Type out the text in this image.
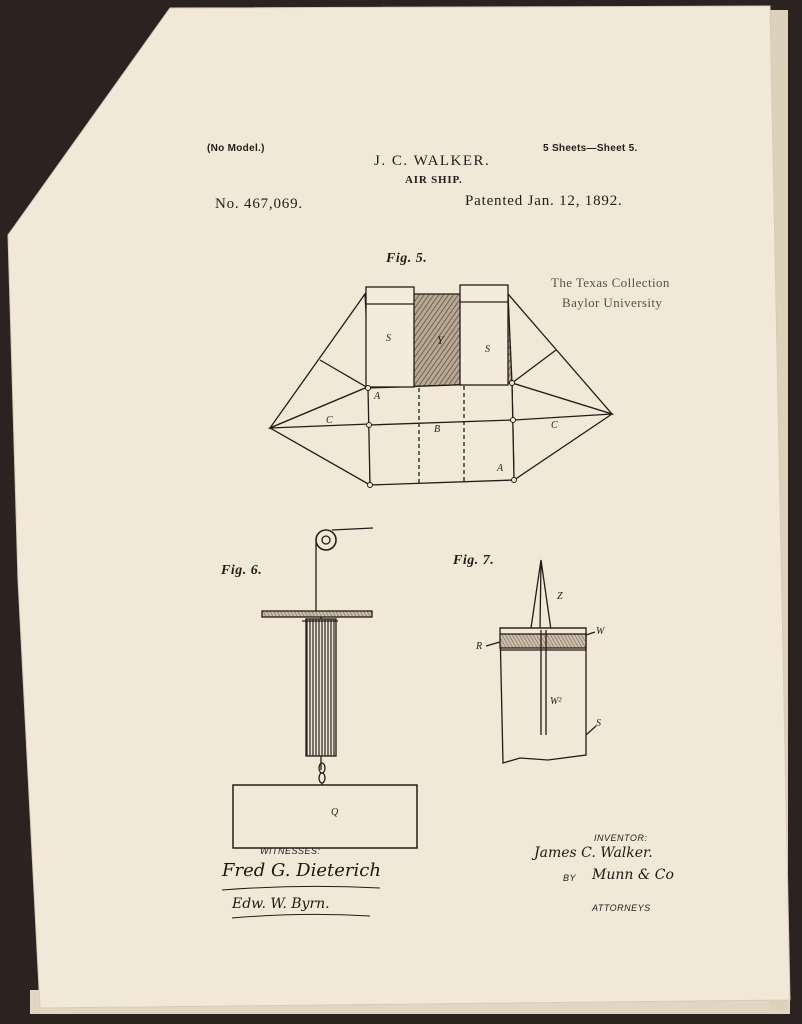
(No Model.)	5 Sheets—Sheet 5.
J. C. WALKER.
AIR SHIP.
No. 467,069.	Patented Jan. 12, 1892.
The Texas Collection
Baylor University
Fig. 5.
S	Y
S
A
C
B	C
A
Fig. 6.
Q
Fig. 7.
Z
W
R
W²
S
WITNESSES:
Fred G. Dieterich
Edw. W. Byrn.
INVENTOR:
James C. Walker.
BY Munn & Co
ATTORNEYS
